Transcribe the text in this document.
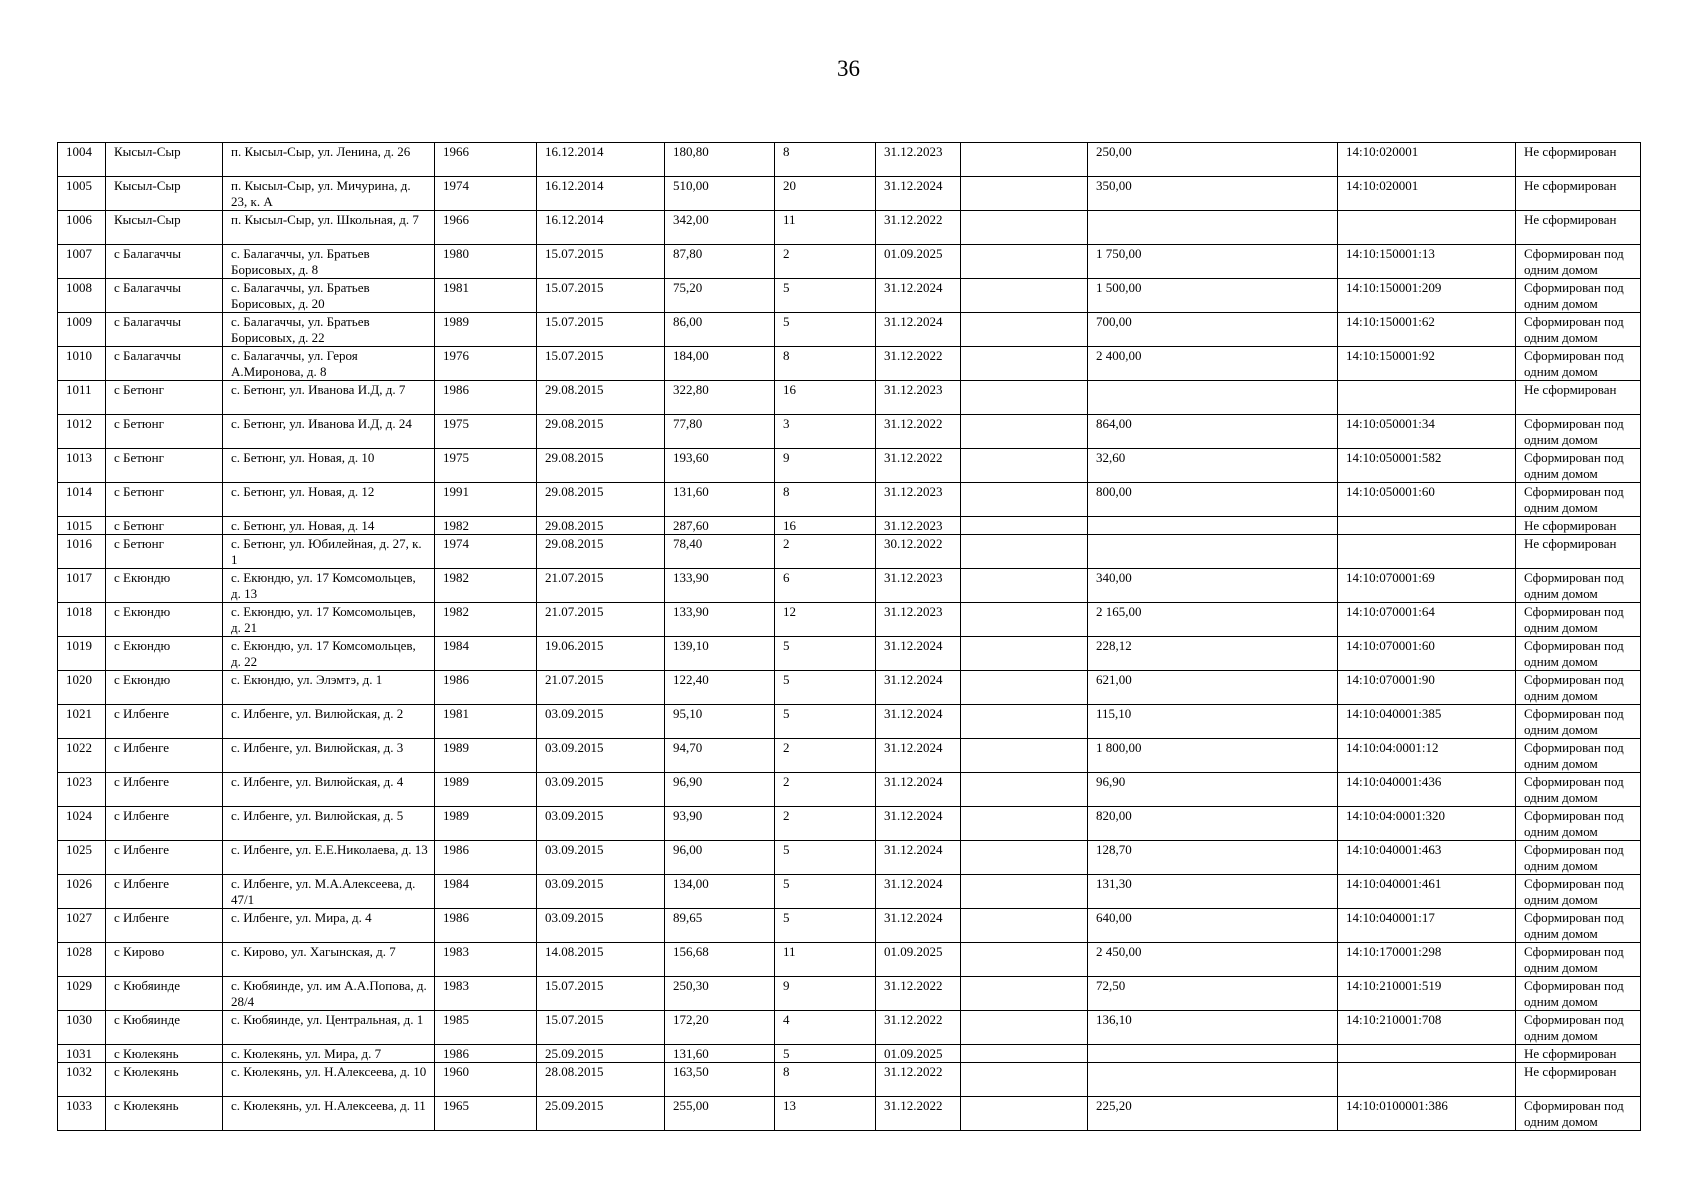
36
1004	Кысыл-Сыр	п. Кысыл-Сыр, ул. Ленина, д. 26	1966	16.12.2014	180,80	8	31.12.2023		250,00	14:10:020001	Не сформирован
1005	Кысыл-Сыр	п. Кысыл-Сыр, ул. Мичурина, д. 23, к. А	1974	16.12.2014	510,00	20	31.12.2024		350,00	14:10:020001	Не сформирован
1006	Кысыл-Сыр	п. Кысыл-Сыр, ул. Школьная, д. 7	1966	16.12.2014	342,00	11	31.12.2022				Не сформирован
1007	с Балагаччы	с. Балагаччы, ул. Братьев Борисовых, д. 8	1980	15.07.2015	87,80	2	01.09.2025		1 750,00	14:10:150001:13	Сформирован под одним домом
1008	с Балагаччы	с. Балагаччы, ул. Братьев Борисовых, д. 20	1981	15.07.2015	75,20	5	31.12.2024		1 500,00	14:10:150001:209	Сформирован под одним домом
1009	с Балагаччы	с. Балагаччы, ул. Братьев Борисовых, д. 22	1989	15.07.2015	86,00	5	31.12.2024		700,00	14:10:150001:62	Сформирован под одним домом
1010	с Балагаччы	с. Балагаччы, ул. Героя А.Миронова, д. 8	1976	15.07.2015	184,00	8	31.12.2022		2 400,00	14:10:150001:92	Сформирован под одним домом
1011	с Бетюнг	с. Бетюнг, ул. Иванова И.Д, д. 7	1986	29.08.2015	322,80	16	31.12.2023				Не сформирован
1012	с Бетюнг	с. Бетюнг, ул. Иванова И.Д, д. 24	1975	29.08.2015	77,80	3	31.12.2022		864,00	14:10:050001:34	Сформирован под одним домом
1013	с Бетюнг	с. Бетюнг, ул. Новая, д. 10	1975	29.08.2015	193,60	9	31.12.2022		32,60	14:10:050001:582	Сформирован под одним домом
1014	с Бетюнг	с. Бетюнг, ул. Новая, д. 12	1991	29.08.2015	131,60	8	31.12.2023		800,00	14:10:050001:60	Сформирован под одним домом
1015	с Бетюнг	с. Бетюнг, ул. Новая, д. 14	1982	29.08.2015	287,60	16	31.12.2023				Не сформирован
1016	с Бетюнг	с. Бетюнг, ул. Юбилейная, д. 27, к. 1	1974	29.08.2015	78,40	2	30.12.2022				Не сформирован
1017	с Екюндю	с. Екюндю, ул. 17 Комсомольцев, д. 13	1982	21.07.2015	133,90	6	31.12.2023		340,00	14:10:070001:69	Сформирован под одним домом
1018	с Екюндю	с. Екюндю, ул. 17 Комсомольцев, д. 21	1982	21.07.2015	133,90	12	31.12.2023		2 165,00	14:10:070001:64	Сформирован под одним домом
1019	с Екюндю	с. Екюндю, ул. 17 Комсомольцев, д. 22	1984	19.06.2015	139,10	5	31.12.2024		228,12	14:10:070001:60	Сформирован под одним домом
1020	с Екюндю	с. Екюндю, ул. Элэмтэ, д. 1	1986	21.07.2015	122,40	5	31.12.2024		621,00	14:10:070001:90	Сформирован под одним домом
1021	с Илбенге	с. Илбенге, ул. Вилюйская, д. 2	1981	03.09.2015	95,10	5	31.12.2024		115,10	14:10:040001:385	Сформирован под одним домом
1022	с Илбенге	с. Илбенге, ул. Вилюйская, д. 3	1989	03.09.2015	94,70	2	31.12.2024		1 800,00	14:10:04:0001:12	Сформирован под одним домом
1023	с Илбенге	с. Илбенге, ул. Вилюйская, д. 4	1989	03.09.2015	96,90	2	31.12.2024		96,90	14:10:040001:436	Сформирован под одним домом
1024	с Илбенге	с. Илбенге, ул. Вилюйская, д. 5	1989	03.09.2015	93,90	2	31.12.2024		820,00	14:10:04:0001:320	Сформирован под одним домом
1025	с Илбенге	с. Илбенге, ул. Е.Е.Николаева, д. 13	1986	03.09.2015	96,00	5	31.12.2024		128,70	14:10:040001:463	Сформирован под одним домом
1026	с Илбенге	с. Илбенге, ул. М.А.Алексеева, д. 47/1	1984	03.09.2015	134,00	5	31.12.2024		131,30	14:10:040001:461	Сформирован под одним домом
1027	с Илбенге	с. Илбенге, ул. Мира, д. 4	1986	03.09.2015	89,65	5	31.12.2024		640,00	14:10:040001:17	Сформирован под одним домом
1028	с Кирово	с. Кирово, ул. Хагынская, д. 7	1983	14.08.2015	156,68	11	01.09.2025		2 450,00	14:10:170001:298	Сформирован под одним домом
1029	с Кюбяинде	с. Кюбяинде, ул. им А.А.Попова, д. 28/4	1983	15.07.2015	250,30	9	31.12.2022		72,50	14:10:210001:519	Сформирован под одним домом
1030	с Кюбяинде	с. Кюбяинде, ул. Центральная, д. 1	1985	15.07.2015	172,20	4	31.12.2022		136,10	14:10:210001:708	Сформирован под одним домом
1031	с Кюлекянь	с. Кюлекянь, ул. Мира, д. 7	1986	25.09.2015	131,60	5	01.09.2025				Не сформирован
1032	с Кюлекянь	с. Кюлекянь, ул. Н.Алексеева, д. 10	1960	28.08.2015	163,50	8	31.12.2022				Не сформирован
1033	с Кюлекянь	с. Кюлекянь, ул. Н.Алексеева, д. 11	1965	25.09.2015	255,00	13	31.12.2022		225,20	14:10:0100001:386	Сформирован под одним домом
